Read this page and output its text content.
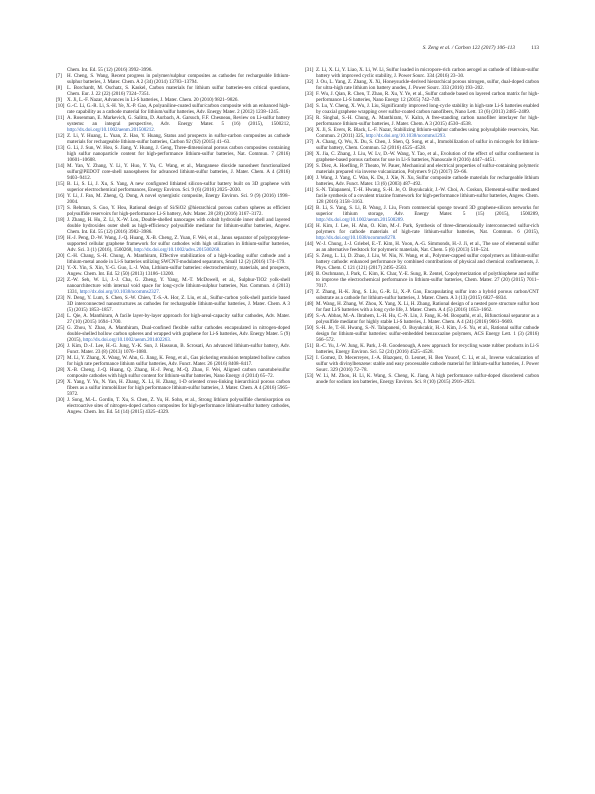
S. Zeng et al. / Carbon 122 (2017) 106–113	113

Chem. Int. Ed. 55 (12) (2016) 3992–3996.

[7] H. Cheng, S. Wang, Recent progress in polymer/sulphur composites as cathodes for rechargeable lithium-sulphur batteries, J. Mater. Chem. A 2 (34) (2014) 13783–13794.

[8] L. Borchardt, M. Oschatz, S. Kaskel, Carbon materials for lithium sulfur batteries-ten critical questions, Chem. Eur. J. 22 (22) (2016) 7324–7351.

[9] X. Ji, L.-F. Nazar, Advances in Li-S batteries, J. Mater. Chem. 20 (2010) 9821–9826.

[10] G.-C. Li, G.-R. Li, S.-H. Ye, X.-P. Gao, A polyaniline-coated sulfur/carbon composite with an enhanced high-rate capability as a cathode material for lithium/sulfur batteries, Adv. Energy Mater. 2 (2012) 1238–1245.

[11] A. Rosenman, E. Markevich, G. Salitra, D. Aurbach, A. Garsuch, F.F. Chesneau, Review on Li-sulfur battery systems: an integral perspective, Adv. Energy Mater. 5 (16) (2015), 1500212, http://dx.doi.org/10.1002/aenm.201500212.

[12] Z. Li, Y. Huang, L. Yuan, Z. Hao, Y. Huang, Status and prospects in sulfur-carbon composites as cathode materials for rechargeable lithium-sulfur batteries, Carbon 92 (92) (2015) 41–63.

[13] G. Li, J. Sun, W. Hou, S. Jiang, Y. Huang, J. Geng, Three-dimensional porous carbon composites containing high sulfur nanoparticle content for high-performance lithium-sulfur batteries, Nat. Commun. 7 (2016) 10601–10608.

[14] M. Yan, Y. Zhang, Y. Li, Y. Huo, Y. Yu, C. Wang, et al., Manganese dioxide nanosheet functionalized sulfur@PEDOT core-shell nanospheres for advanced lithium-sulfur batteries, J. Mater. Chem. A 4 (2016) 9403–9412.

[15] B. Li, S. Li, J. Xu, S. Yang, A new configured lithiated silicon-sulfur battery built on 3D graphene with superior electrochemical performances, Energy Environ. Sci. 9 (6) (2016) 2025–2030.

[16] Y. Li, J. Fan, M. Zheng, Q. Dong, A novel synergistic composite, Energy Environ. Sci. 9 (9) (2016) 1998–2004.

[17] S. Rehman, S. Guo, Y. Hou, Rational design of Si/SiO2 @hierarchical porous carbon spheres as efficient polysulfide reservoirs for high-performance Li-S battery, Adv. Mater. 28 (28) (2016) 3167–3172.

[18] J. Zhang, H. Hu, Z. Li, X.-W. Lou, Double-shelled nanocages with cobalt hydroxide inner shell and layered double hydroxides outer shell as high-efficiency polysulfide mediator for lithium-sulfur batteries, Angew. Chem. Int. Ed. 55 (12) (2016) 3982–3986.

[19] H.-J. Peng, D.-W. Wang, J.-Q. Huang, X.-B. Cheng, Z. Yuan, F. Wei, et al., Janus separator of polypropylene-supported cellular graphene framework for sulfur cathodes with high utilization in lithium-sulfur batteries, Adv. Sci. 3 (1) (2016), 1500268, http://dx.doi.org/10.1002/advs.201500268.

[20] C.-H. Chang, S.-H. Chung, A. Manthiram, Effective stabilization of a high-loading sulfur cathode and a lithium-metal anode in Li-S batteries utilizing SWCNT-modulated separators, Small 12 (2) (2016) 174–179.

[21] Y.-X. Yin, S. Xin, Y.-G. Guo, L.-J. Wan, Lithium-sulfur batteries: electrochemistry, materials, and prospects, Angew. Chem. Int. Ed. 52 (50) (2013) 13186–13200.

[22] Z.-W. Seh, W. Li, J.-J. Cha, G. Zheng, Y. Yang, M.-T. McDowell, et al., Sulphur-TiO2 yolk-shell nanoarchitecture with internal void space for long-cycle lithium-sulphur batteries, Nat. Commun. 4 (2013) 1331, http://dx.doi.org/10.1038/ncomms2327.

[23] N. Deng, Y. Lum, S. Chen, S.-W. Chien, T.-S.-A. Hor, Z. Liu, et al., Sulfur-carbon yolk-shell particle based 3D interconnected nanostructures as cathodes for rechargeable lithium-sulfur batteries, J. Mater. Chem. A 3 (5) (2015) 1853–1857.

[24] L. Qie, A. Manthiram, A facile layer-by-layer approach for high-areal-capacity sulfur cathodes, Adv. Mater. 27 (10) (2015) 1694–1700.

[25] G. Zhou, Y. Zhao, A. Manthiram, Dual-confined flexible sulfur cathodes encapsulated in nitrogen-doped double-shelled hollow carbon spheres and wrapped with graphene for Li-S batteries, Adv. Energy Mater. 5 (9) (2015), http://dx.doi.org/10.1002/aenm.201402263.

[26] J. Kim, D.-J. Lee, H.-G. Jung, Y.-K. Sun, J. Hassoun, B. Scrosati, An advanced lithium-sulfur battery, Adv. Funct. Mater. 23 (8) (2013) 1076–1080.

[27] M. Li, Y. Zhang, X. Wang, W. Ahn, G. Jiang, K. Feng, et al., Gas pickering emulsion templated hollow carbon for high rate performance lithium sulfur batteries, Adv. Funct. Mater. 26 (2016) 8408–8417.

[28] X.-B. Cheng, J.-Q. Huang, Q. Zhang, H.-J. Peng, M.-Q. Zhao, F. Wei, Aligned carbon nanotube/sulfur composite cathodes with high sulfur content for lithium-sulfur batteries, Nano Energy 4 (2014) 65–72.

[29] X. Yang, Y. Yu, N. Yan, H. Zhang, X. Li, H. Zhang, 1-D oriented cross-linking hierarchical porous carbon fibers as a sulfur immobilizer for high performance lithium-sulfur batteries, J. Mater. Chem. A 4 (2016) 5965–5972.

[30] J. Song, M.-L. Gordin, T. Xu, S. Chen, Z. Yu, H. Sohn, et al., Strong lithium polysulfide chemisorption on electroactive sites of nitrogen-doped carbon composites for high-performance lithium-sulfur battery cathodes, Angew. Chem. Int. Ed. 54 (14) (2015) 4325–4329.

[31] Z. Li, X. Li, Y. Liao, X. Li, W. Li, Sulfur loaded in micropore-rich carbon aerogel as cathode of lithium-sulfur battery with improved cyclic stability, J. Power Sourc. 334 (2016) 23–30.

[32] J. Ou, L. Yang, Z. Zhang, X. Xi, Honeysuckle-derived hierarchical porous nitrogen, sulfur, dual-doped carbon for ultra-high rate lithium ion battery anodes, J. Power Sourc. 333 (2016) 193–202.

[33] F. Wu, J. Qian, R. Chen, T. Zhao, R. Xu, Y. Ye, et al., Sulfur cathode based on layered carbon matrix for high-performance Li-S batteries, Nano Energy 12 (2015) 742–749.

[34] S. Lu, Y. Cheng, X. Wu, J. Liu, Significantly improved long-cycle stability in high-rate Li-S batteries enabled by coaxial graphene wrapping over sulfur-coated carbon nanofibers, Nano Lett. 13 (6) (2013) 2485–2489.

[35] R. Singhal, S.-H. Chung, A. Manthiram, V. Kalra, A free-standing carbon nanofiber interlayer for high-performance lithium-sulfur batteries, J. Mater. Chem. A 3 (2015) 4530–4538.

[36] X. Ji, S. Evers, R. Black, L.-F. Nazar, Stabilizing lithium-sulphur cathodes using polysulphide reservoirs, Nat. Commun. 2 (2011) 325, http://dx.doi.org/10.1038/ncomms1293.

[37] A. Chang, Q. Wu, X. Du, S. Chen, J. Shen, Q. Song, et al., Immobilization of sulfur in microgels for lithium-sulfur battery, Chem. Commun. 52 (2016) 4525–4528.

[38] X. Jia, C. Zhang, J. Liu, W. Lv, D.-W. Wang, Y. Tao, et al., Evolution of the effect of sulfur confinement in graphene-based porous carbons for use in Li-S batteries, Nanoscale 8 (2016) 4447–4451.

[39] S. Diez, A. Hoefling, P. Theato, W. Pauer, Mechanical and electrical properties of sulfur-containing polymeric materials prepared via inverse vulcanization, Polymers 9 (2) (2017) 59–66.

[40] J. Wang, J. Yang, C. Wan, K. Du, J. Xie, N. Xu, Sulfur composite cathode materials for rechargeable lithium batteries, Adv. Funct. Mater. 13 (6) (2003) 487–492.

[41] S.-N. Talapaneni, T.-H. Hwang, S.-H. Je, O. Buyukcakir, J.-W. Choi, A. Coskun, Elemental-sulfur mediated facile synthesis of a covalent triazine framework for high-performance lithium-sulfur batteries, Angew. Chem. 128 (2016) 3158–3163.

[42] B. Li, S. Yang, S. Li, B. Wang, J. Liu, From commercial sponge toward 3D graphene-silicon networks for superior lithium storage, Adv. Energy Mater. 5 (15) (2015), 1500289, http://dx.doi.org/10.1002/aenm.201500289.

[43] H. Kim, J. Lee, H. Ahn, O. Kim, M.-J. Park, Synthesis of three-dimensionally interconnected sulfur-rich polymers for cathode materials of high-rate lithium-sulfur batteries, Nat. Commun. 6 (2015), http://dx.doi.org/10.1038/ncomms8278.

[44] W.-J. Chung, J.-J. Griebel, E.-T. Kim, H. Yoon, A.-G. Simmonds, H.-J. Ji, et al., The use of elemental sulfur as an alternative feedstock for polymeric materials, Nat. Chem. 5 (6) (2013) 518–524.

[45] S. Zeng, L. Li, D. Zhao, J. Liu, W. Niu, N. Wang, et al., Polymer-capped sulfur copolymers as lithium-sulfur battery cathode: enhanced performance by combined contributions of physical and chemical confinements, J. Phys. Chem. C 121 (121) (2017) 2495–2503.

[46] B. Oschmann, J. Park, C. Kim, K. Char, Y.-E. Sung, R. Zentel, Copolymerization of polythiophene and sulfur to improve the electrochemical performance in lithium-sulfur batteries, Chem. Mater. 27 (20) (2015) 7011–7017.

[47] Z. Zhang, H.-K. Jing, S. Liu, G.-R. Li, X.-P. Gao, Encapsulating sulfur into a hybrid porous carbon/CNT substrate as a cathode for lithium-sulfur batteries, J. Mater. Chem. A 3 (13) (2015) 6827–6834.

[48] M. Wang, H. Zhang, W. Zhou, X. Yang, X. Li, H. Zhang, Rational design of a nested pore structure sulfur host for fast Li/S batteries with a long cycle life, J. Mater. Chem. A 4 (5) (2016) 1653–1662.

[49] S.-A. Abbas, M.-A. Ibrahem, L.-H. Hu, C.-N. Lin, J. Fang, K.-M. Boopathi, et al., Bifunctional separator as a polysulfide mediator for highly stable Li-S batteries, J. Mater. Chem. A 4 (24) (2016) 9661–9669.

[50] S.-H. Je, T.-H. Hwang, S.-N. Talapaneni, O. Buyukcakir, H.-J. Kim, J.-S. Yu, et al., Rational sulfur cathode design for lithium-sulfur batteries: sulfur-embedded benzoxazine polymers, ACS Energy Lett. 1 (3) (2016) 566–572.

[51] B.-C. Yu, J.-W. Jung, K. Park, J.-B. Goodenough, A new approach for recycling waste rubber products in Li-S batteries, Energy Environ. Sci. 52 (24) (2016) 4525–4528.

[52] I. Gomez, D. Mecerreyes, J.-A. Blazquez, O. Leonet, H. Ben Youcef, C. Li, et al., Inverse vulcanization of sulfur with divinylbenzene: stable and easy processable cathode material for lithium-sulfur batteries, J. Power Sourc. 329 (2016) 72–78.

[53] W. Li, M. Zhou, H. Li, K. Wang, S. Cheng, K. Jiang, A high performance sulfur-doped disordered carbon anode for sodium ion batteries, Energy Environ. Sci. 8 (10) (2015) 2916–2921.
